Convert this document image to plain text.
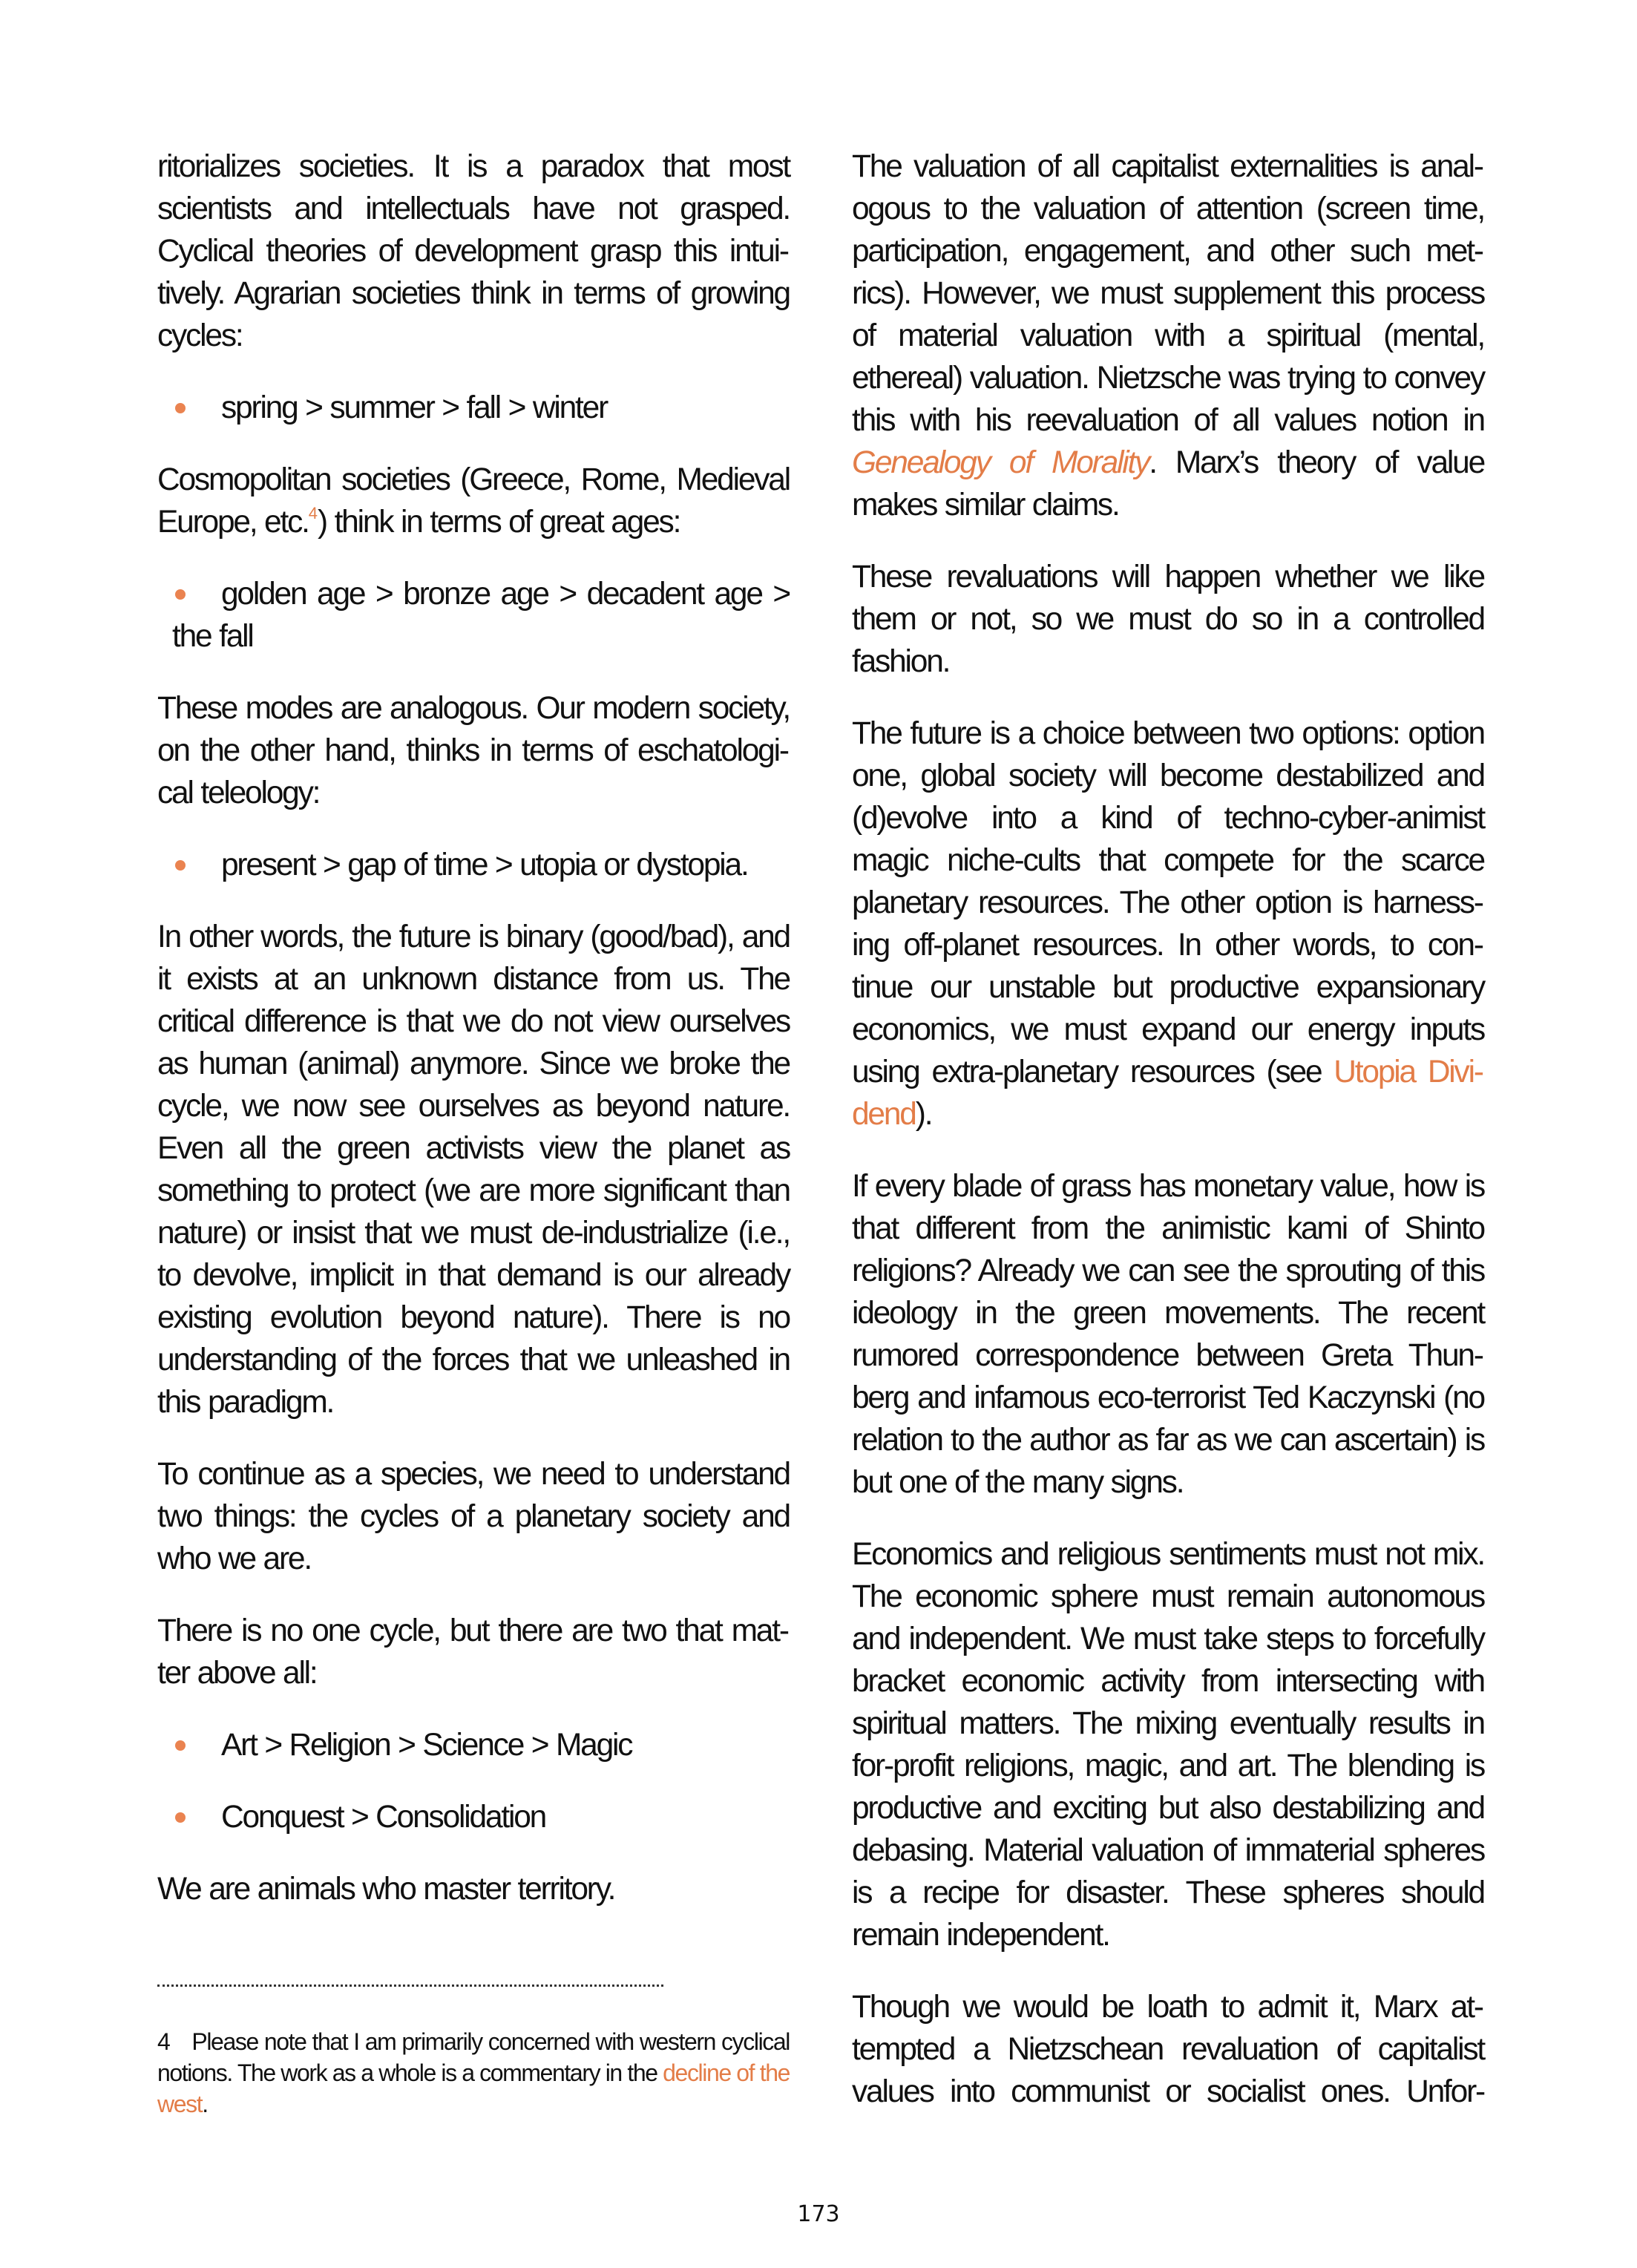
ritorializes societies. It is a paradox that most scientists and intellectuals have not grasped. Cyclical theories of development grasp this intuitively. Agrarian societies think in terms of growing cycles:

spring > summer > fall > winter

Cosmopolitan societies (Greece, Rome, Medieval Europe, etc.$^4$) think in terms of great ages:

golden age > bronze age > decadent age >
the fall

These modes are analogous. Our modern society, on the other hand, thinks in terms of eschatological teleology:

present > gap of time > utopia or dystopia.

In other words, the future is binary (good/bad), and it exists at an unknown distance from us. The critical difference is that we do not view ourselves as human (animal) anymore. Since we broke the cycle, we now see ourselves as beyond nature. Even all the green activists view the planet as something to protect (we are more significant than nature) or insist that we must de-industrialize (i.e., to devolve, implicit in that demand is our already existing evolution beyond nature). There is no understanding of the forces that we unleashed in this paradigm.

To continue as a species, we need to understand two things: the cycles of a planetary society and who we are.

There is no one cycle, but there are two that matter above all:

Art > Religion > Science > Magic
Conquest > Consolidation

We are animals who master territory.

4 Please note that I am primarily concerned with western cyclical notions. The work as a whole is a commentary in the decline of the west.

The valuation of all capitalist externalities is analogous to the valuation of attention (screen time, participation, engagement, and other such metrics). However, we must supplement this process of material valuation with a spiritual (mental, ethereal) valuation. Nietzsche was trying to convey this with his reevaluation of all values notion in Genealogy of Morality. Marx’s theory of value makes similar claims.

These revaluations will happen whether we like them or not, so we must do so in a controlled fashion.

The future is a choice between two options: option one, global society will become destabilized and (d)evolve into a kind of techno-cyber-animist magic niche-cults that compete for the scarce planetary resources. The other option is harnessing off-planet resources. In other words, to continue our unstable but productive expansionary economics, we must expand our energy inputs using extra-planetary resources (see Utopia Dividend).

If every blade of grass has monetary value, how is that different from the animistic kami of Shinto religions? Already we can see the sprouting of this ideology in the green movements. The recent rumored correspondence between Greta Thunberg and infamous eco-terrorist Ted Kaczynski (no relation to the author as far as we can ascertain) is but one of the many signs.

Economics and religious sentiments must not mix. The economic sphere must remain autonomous and independent. We must take steps to forcefully bracket economic activity from intersecting with spiritual matters. The mixing eventually results in for-profit religions, magic, and art. The blending is productive and exciting but also destabilizing and debasing. Material valuation of immaterial spheres is a recipe for disaster. These spheres should remain independent.

Though we would be loath to admit it, Marx attempted a Nietzschean revaluation of capitalist values into communist or socialist ones. Unfor-

173
